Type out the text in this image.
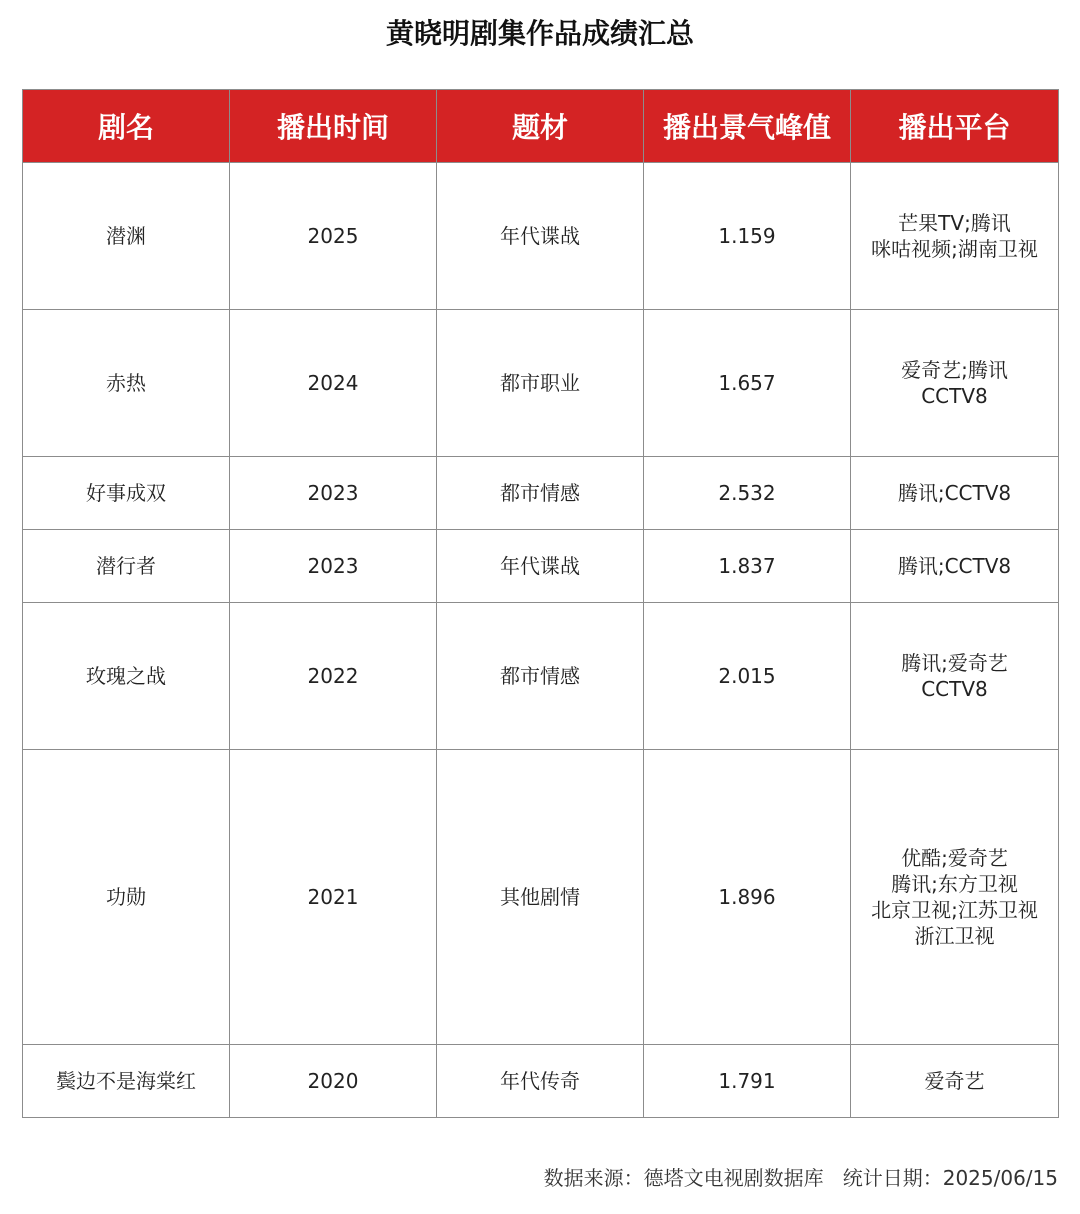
黄晓明剧集作品成绩汇总
剧名	播出时间	题材	播出景气峰值	播出平台
潜渊	2025	年代谍战	1.159	芒果TV;腾讯
咪咕视频;湖南卫视

赤热	2024	都市职业	1.657	爱奇艺;腾讯
CCTV8

好事成双	2023	都市情感	2.532	腾讯;CCTV8

潜行者	2023	年代谍战	1.837	腾讯;CCTV8

玫瑰之战	2022	都市情感	2.015	腾讯;爱奇艺
CCTV8

功勋	2021	其他剧情	1.896	优酷;爱奇艺
腾讯;东方卫视
北京卫视;江苏卫视
浙江卫视

鬓边不是海棠红	2020	年代传奇	1.791	爱奇艺
数据来源：德塔文电视剧数据库 统计日期：2025/06/15
